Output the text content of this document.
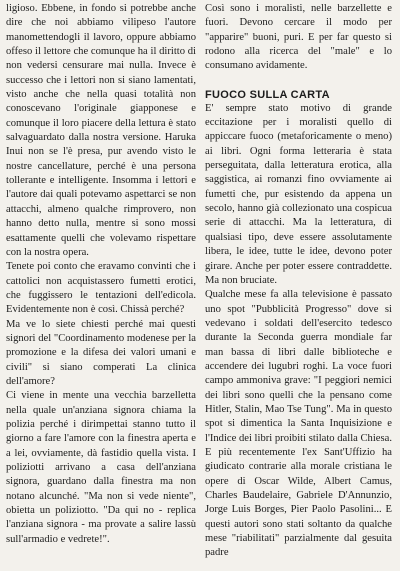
ligioso. Ebbene, in fondo si potrebbe anche dire che noi abbiamo vilipeso l'autore manomettendogli il lavoro, oppure abbiamo offeso il lettore che comunque ha il diritto di non vedersi censurare mai nulla. Invece è successo che i lettori non si siano lamentati, visto anche che nella quasi totalità non conoscevano l'originale giapponese e comunque il loro piacere della lettura è stato salvaguardato dalla nostra versione. Haruka Inui non se l'è presa, pur avendo visto le nostre cancellature, perché è una persona tollerante e intelligente. Insomma i lettori e l'autore dai quali potevamo aspettarci se non attacchi, almeno qualche rimprovero, non hanno detto nulla, mentre si sono mossi esattamente quelli che volevamo rispettare con la nostra opera.

Tenete poi conto che eravamo convinti che i cattolici non acquistassero fumetti erotici, che fuggissero le tentazioni dell'edicola. Evidentemente non è così. Chissà perché?

Ma ve lo siete chiesti perché mai questi signori del "Coordinamento modenese per la promozione e la difesa dei valori umani e civili" si siano comperati La clinica dell'amore?

Ci viene in mente una vecchia barzelletta nella quale un'anziana signora chiama la polizia perché i dirimpettai stanno tutto il giorno a fare l'amore con la finestra aperta e a lei, ovviamente, dà fastidio quella vista. I poliziotti arrivano a casa dell'anziana signora, guardano dalla finestra ma non notano alcunché. "Ma non si vede niente", obietta un poliziotto. "Da qui no - replica l'anziana signora - ma provate a salire lassù sull'armadio e vedrete!".

Così sono i moralisti, nelle barzellette e fuori. Devono cercare il modo per "apparire" buoni, puri. E per far questo si rodono alla ricerca del "male" e lo consumano avidamente.

FUOCO SULLA CARTA

E' sempre stato motivo di grande eccitazione per i moralisti quello di appiccare fuoco (metaforicamente o meno) ai libri. Ogni forma letteraria è stata perseguitata, dalla letteratura erotica, alla saggistica, ai romanzi fino ovviamente ai fumetti che, pur esistendo da appena un secolo, hanno già collezionato una cospicua serie di attacchi. Ma la letteratura, di qualsiasi tipo, deve essere assolutamente libera, le idee, tutte le idee, devono poter girare. Anche per poter essere contraddette. Ma non bruciate.

Qualche mese fa alla televisione è passato uno spot "Pubblicità Progresso" dove si vedevano i soldati dell'esercito tedesco durante la Seconda guerra mondiale far man bassa di libri dalle biblioteche e accendere dei lugubri roghi. La voce fuori campo ammoniva grave: "I peggiori nemici dei libri sono quelli che la pensano come Hitler, Stalin, Mao Tse Tung". Ma in questo spot si dimentica la Santa Inquisizione e l'Indice dei libri proibiti stilato dalla Chiesa.

E più recentemente l'ex Sant'Uffizio ha giudicato contrarie alla morale cristiana le opere di Oscar Wilde, Albert Camus, Charles Baudelaire, Gabriele D'Annunzio, Jorge Luis Borges, Pier Paolo Pasolini... E questi autori sono stati soltanto da qualche mese "riabilitati" parzialmente dal gesuita padre
